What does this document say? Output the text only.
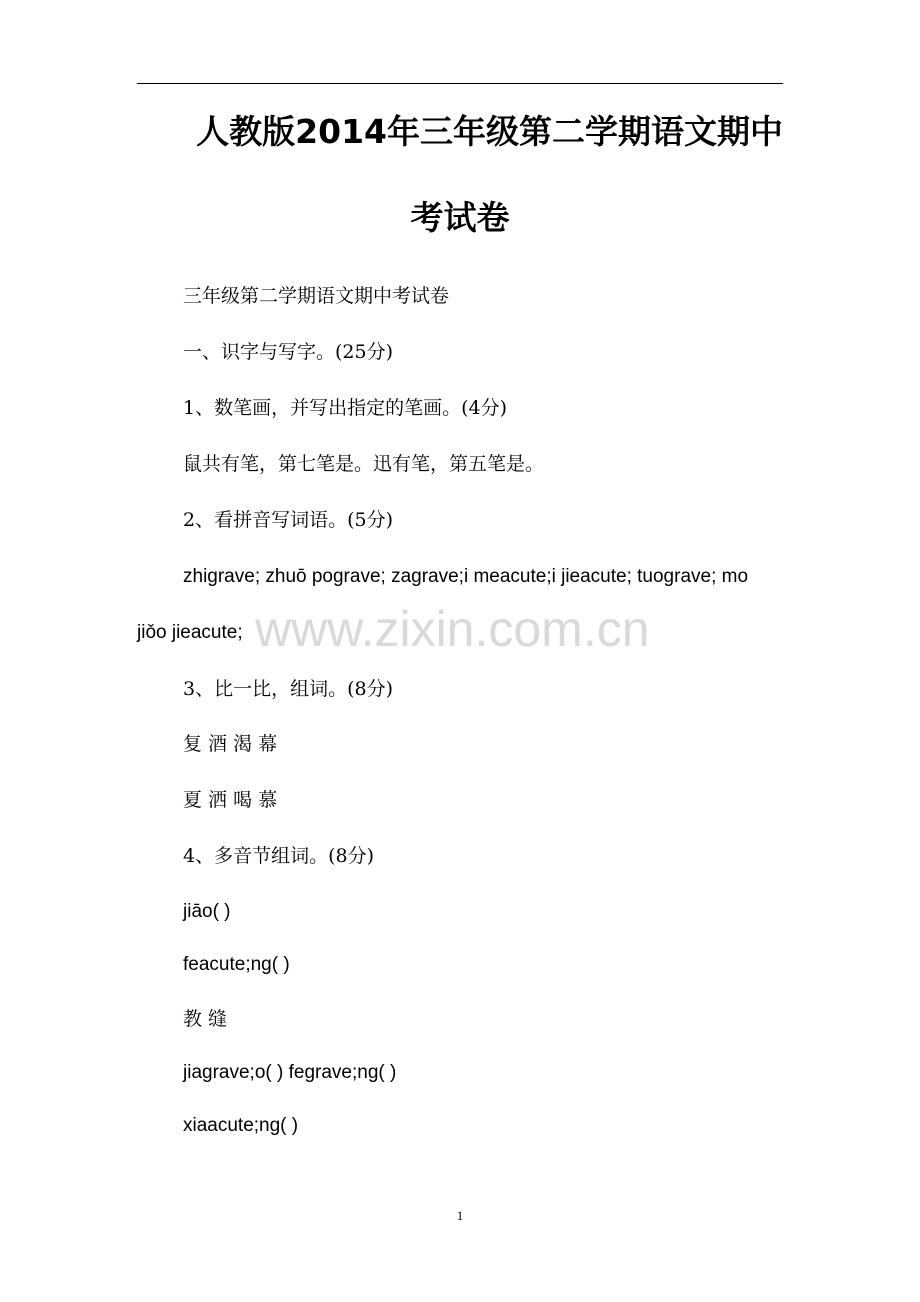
人教版2014年三年级第二学期语文期中
考试卷
三年级第二学期语文期中考试卷
一、识字与写字。(25分)
1、数笔画，并写出指定的笔画。(4分)
鼠共有笔，第七笔是。迅有笔，第五笔是。
2、看拼音写词语。(5分)
zhigrave; zhuō pograve; zagrave;i meacute;i jieacute; tuograve; mo
jiǒo jieacute;
3、比一比，组词。(8分)
复 酒 渴 幕
夏 洒 喝 慕
4、多音节组词。(8分)
jiāo( )
feacute;ng( )
教 缝
jiagrave;o( ) fegrave;ng( )
xiaacute;ng( )
www.zixin.com.cn
1
